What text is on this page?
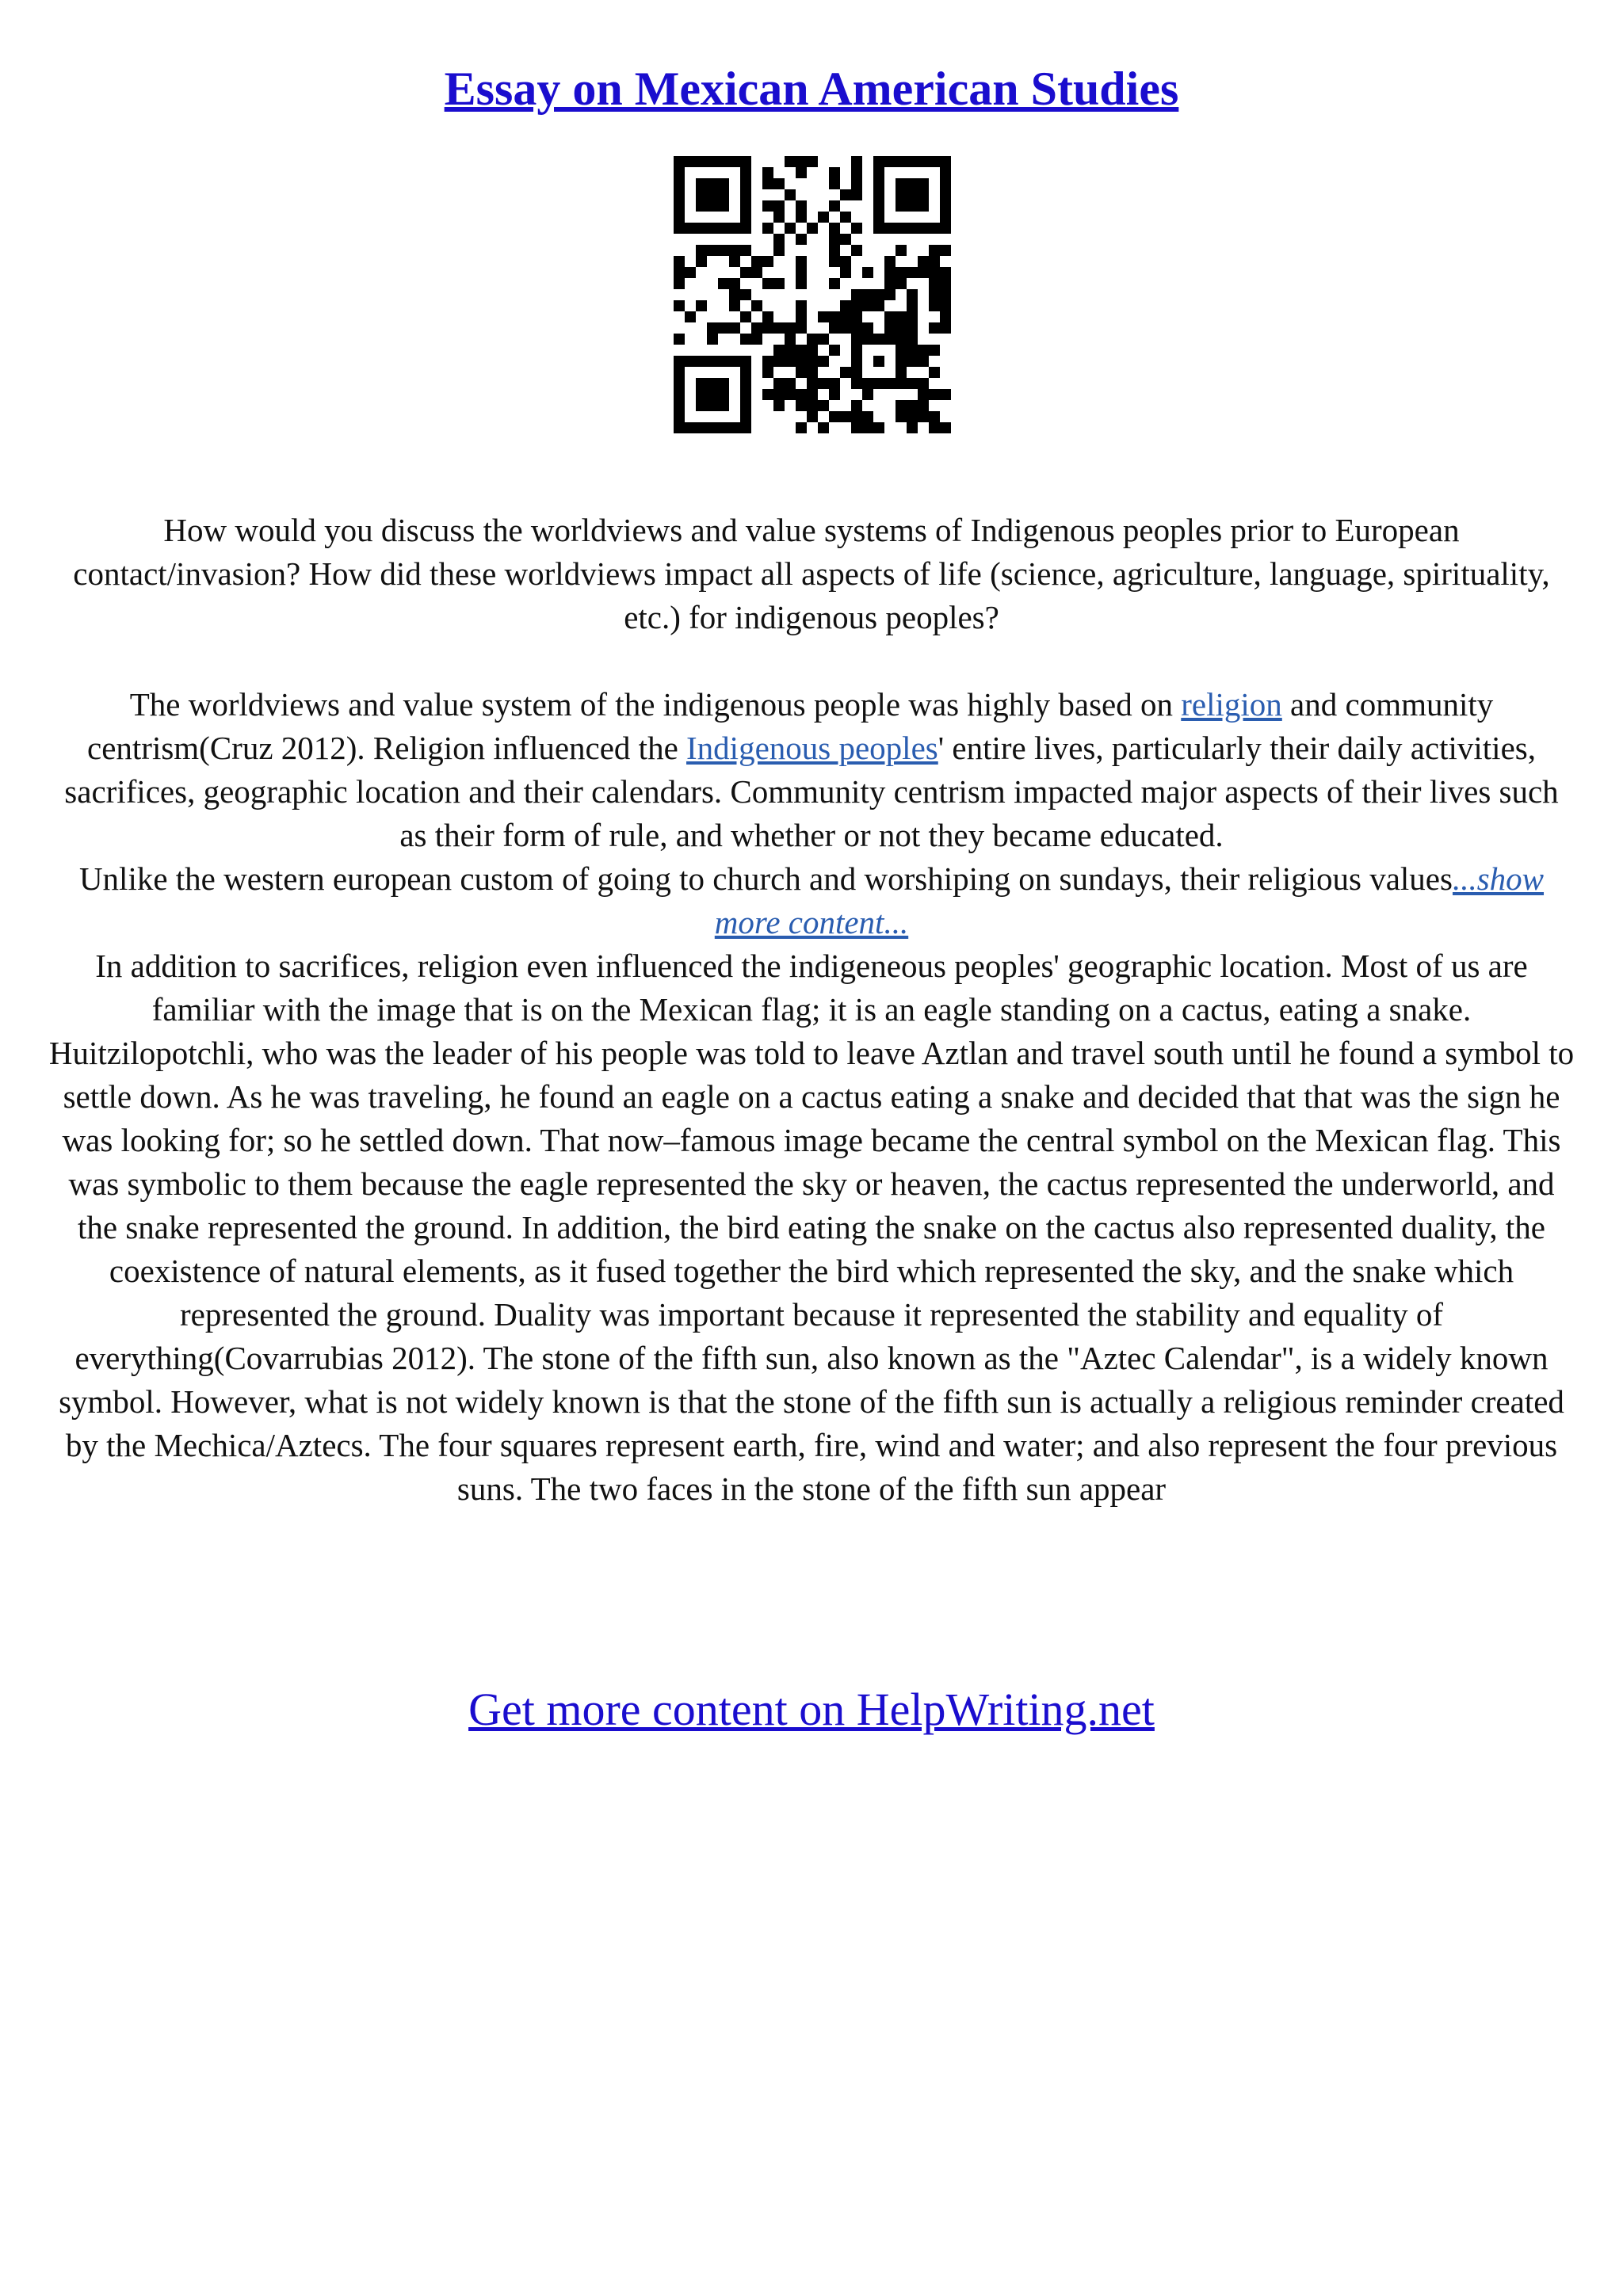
Essay on Mexican American Studies
How would you discuss the worldviews and value systems of Indigenous peoples prior to European contact/invasion? How did these worldviews impact all aspects of life (science, agriculture, language, spirituality, etc.) for indigenous peoples?

The worldviews and value system of the indigenous people was highly based on religion and community centrism(Cruz 2012). Religion influenced the Indigenous peoples' entire lives, particularly their daily activities, sacrifices, geographic location and their calendars. Community centrism impacted major aspects of their lives such as their form of rule, and whether or not they became educated.

Unlike the western european custom of going to church and worshiping on sundays, their religious values...show more content...

In addition to sacrifices, religion even influenced the indigeneous peoples' geographic location. Most of us are familiar with the image that is on the Mexican flag; it is an eagle standing on a cactus, eating a snake. Huitzilopotchli, who was the leader of his people was told to leave Aztlan and travel south until he found a symbol to settle down. As he was traveling, he found an eagle on a cactus eating a snake and decided that that was the sign he was looking for; so he settled down. That now–famous image became the central symbol on the Mexican flag. This was symbolic to them because the eagle represented the sky or heaven, the cactus represented the underworld, and the snake represented the ground. In addition, the bird eating the snake on the cactus also represented duality, the coexistence of natural elements, as it fused together the bird which represented the sky, and the snake which represented the ground. Duality was important because it represented the stability and equality of everything(Covarrubias 2012). The stone of the fifth sun, also known as the "Aztec Calendar", is a widely known symbol. However, what is not widely known is that the stone of the fifth sun is actually a religious reminder created by the Mechica/Aztecs. The four squares represent earth, fire, wind and water; and also represent the four previous suns. The two faces in the stone of the fifth sun appear

Get more content on HelpWriting.net
